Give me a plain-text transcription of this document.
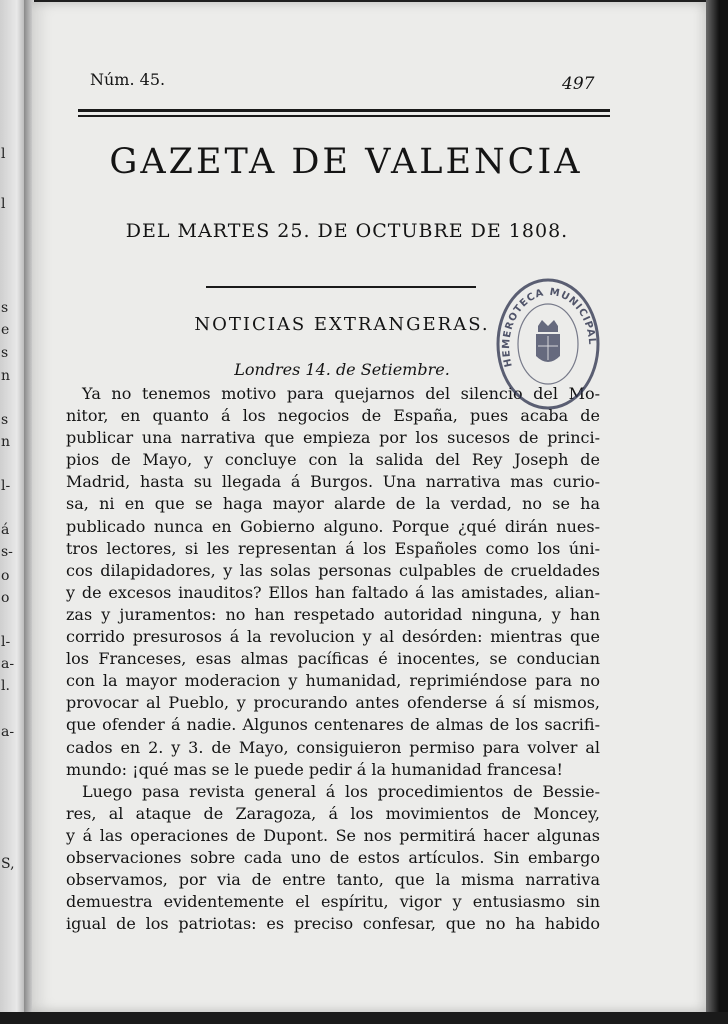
l
l
s
e
s
n
s
n
l-
á
s-
o
o
l-
a-
l.
a-
S,
Núm. 45.	497
GAZETA DE VALENCIA
DEL MARTES 25. DE OCTUBRE DE 1808.
NOTICIAS EXTRANGERAS.
Londres 14. de Setiembre.
Ya no tenemos motivo para quejarnos del silencio del Mo-
nitor, en quanto á los negocios de España, pues acaba de
publicar una narrativa que empieza por los sucesos de princi-
pios de Mayo, y concluye con la salida del Rey Joseph de
Madrid, hasta su llegada á Burgos. Una narrativa mas curio-
sa, ni en que se haga mayor alarde de la verdad, no se ha
publicado nunca en Gobierno alguno. Porque ¿qué dirán nues-
tros lectores, si les representan á los Españoles como los úni-
cos dilapidadores, y las solas personas culpables de crueldades
y de excesos inauditos? Ellos han faltado á las amistades, alian-
zas y juramentos: no han respetado autoridad ninguna, y han
corrido presurosos á la revolucion y al desórden: mientras que
los Franceses, esas almas pacíficas é inocentes, se conducian
con la mayor moderacion y humanidad, reprimiéndose para no
provocar al Pueblo, y procurando antes ofenderse á sí mismos,
que ofender á nadie. Algunos centenares de almas de los sacrifi-
cados en 2. y 3. de Mayo, consiguieron permiso para volver al
mundo: ¡qué mas se le puede pedir á la humanidad francesa!
Luego pasa revista general á los procedimientos de Bessie-
res, al ataque de Zaragoza, á los movimientos de Moncey,
y á las operaciones de Dupont. Se nos permitirá hacer algunas
observaciones sobre cada uno de estos artículos. Sin embargo
observamos, por via de entre tanto, que la misma narrativa
demuestra evidentemente el espíritu, vigor y entusiasmo sin
igual de los patriotas: es preciso confesar, que no ha habido
HEMEROTECA MUNICIPAL
